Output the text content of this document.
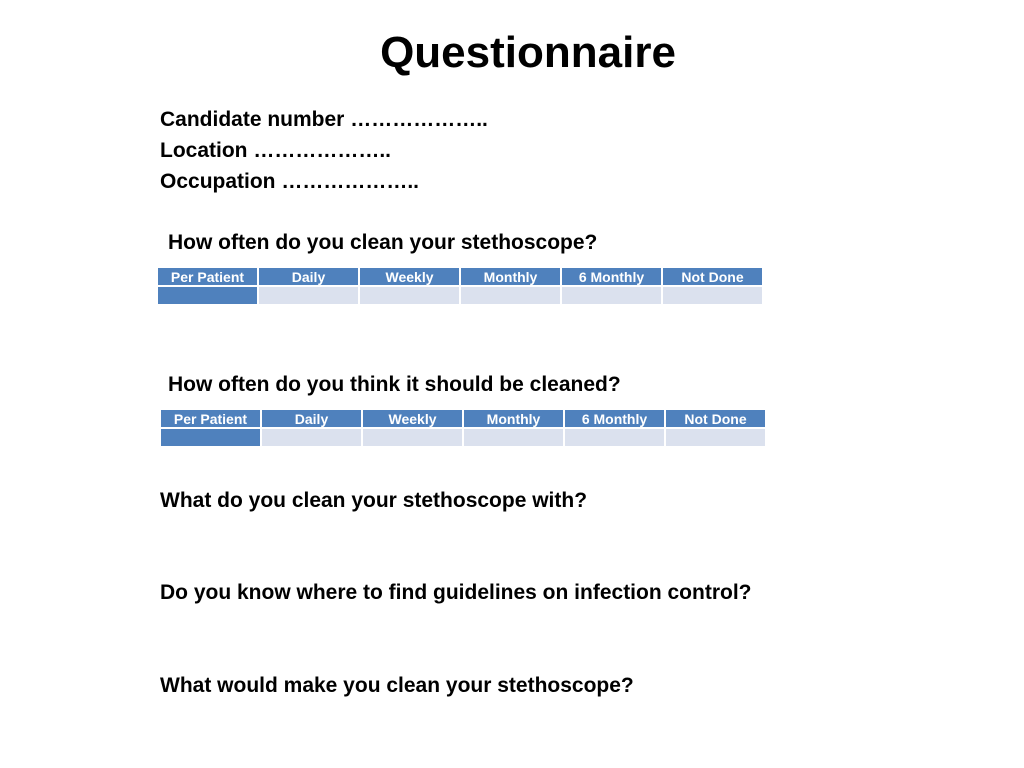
Questionnaire
Candidate number ………………..
Location ………………..
Occupation ………………..
How often do you clean your stethoscope?
Per Patient	Daily	Weekly	Monthly	6 Monthly	Not Done

How often do you think it should be cleaned?
Per Patient	Daily	Weekly	Monthly	6 Monthly	Not Done

What do you clean your stethoscope with?
Do you know where to find guidelines on infection control?
What would make you clean your stethoscope?
